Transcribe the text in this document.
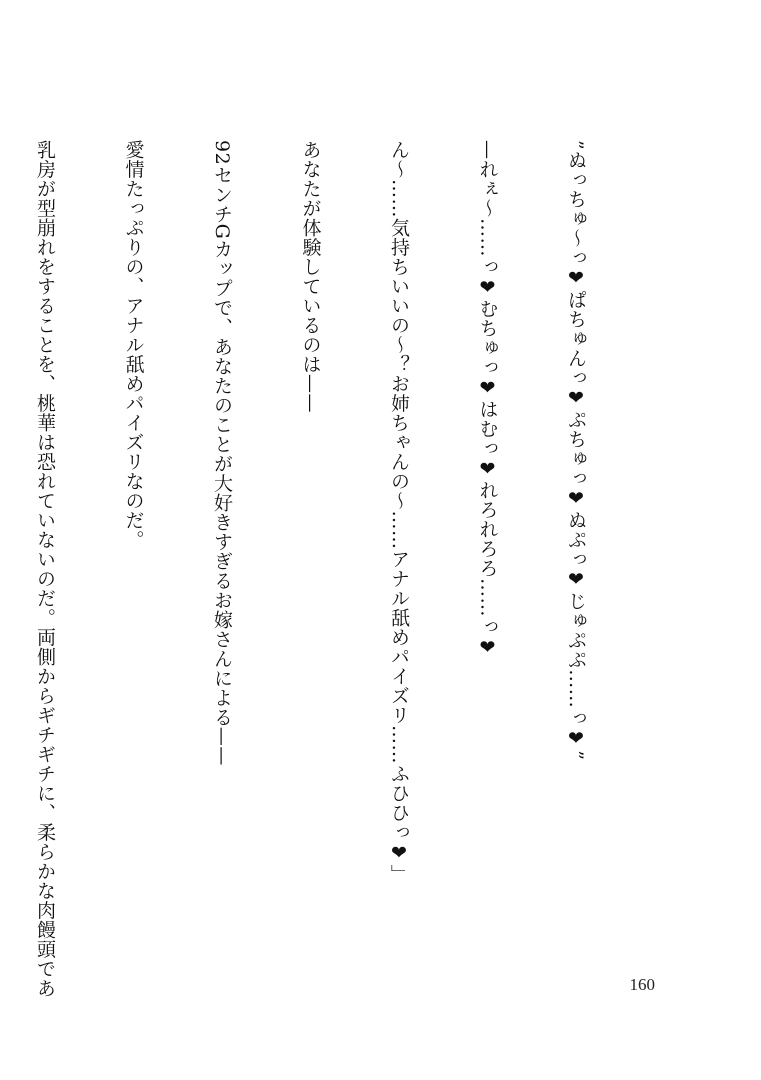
”ぬっちゅ〜っ❤ぱちゅんっ❤ぷちゅっ❤ぬぷっ❤じゅぷぷ……っ❤”

—れぇ〜……っ❤むちゅっ❤はむっ❤れろれろろ……っ❤

ん〜……気持ちいいの〜？お姉ちゃんの〜……アナル舐めパイズリ……ふひひっ❤」

あなたが体験しているのは——

92センチGカップで、あなたのことが大好きすぎるお嫁さんによる——

愛情たっぷりの、アナル舐めパイズリなのだ。

乳房が型崩れをすることを、桃華は恐れていないのだ。両側からギチギチに、柔らかな肉饅頭であ

	160
